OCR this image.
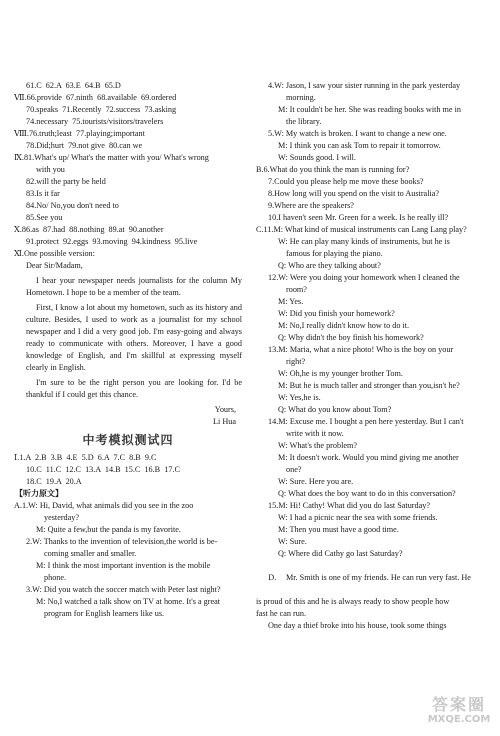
61.C  62.A  63.E  64.B  65.D
Ⅶ.66.provide  67.ninth  68.available  69.ordered
70.speaks  71.Recently  72.success  73.asking
74.necessary  75.tourists/visitors/travelers
Ⅷ.76.truth;least  77.playing;important
78.Did;hurt  79.not give  80.can we
Ⅸ.81.What's up/ What's the matter with you/ What's wrong
with you
82.will the party be held
83.Is it far
84.No/ No,you don't need to
85.See you
Ⅹ.86.as  87.had  88.nothing  89.at  90.another
91.protect  92.eggs  93.moving  94.kindness  95.live
Ⅺ.One possible version:
Dear Sir/Madam,
I hear your newspaper needs journalists for the column My Hometown. I hope to be a member of the team.
First, I know a lot about my hometown, such as its history and culture. Besides, I used to work as a journalist for my school newspaper and I did a very good job. I'm easy-going and always ready to communicate with others. Moreover, I have a good knowledge of English, and I'm skillful at expressing myself clearly in English.
I'm sure to be the right person you are looking for. I'd be thankful if I could get this chance.
Yours,
Li Hua
中考模拟测试四
Ⅰ.1.A  2.B  3.B  4.E  5.D  6.A  7.C  8.B  9.C
10.C  11.C  12.C  13.A  14.B  15.C  16.B  17.C
18.C  19.A  20.A
【听力原文】
A.1.W: Hi, David, what animals did you see in the zoo
yesterday?
M: Quite a few,but the panda is my favorite.
2.W: Thanks to the invention of television,the world is be-
coming smaller and smaller.
M: I think the most important invention is the mobile
phone.
3.W: Did you watch the soccer match with Peter last night?
M: No,I watched a talk show on TV at home. It's a great
program for English learners like us.
4.W: Jason, I saw your sister running in the park yesterday
morning.
M: It couldn't be her. She was reading books with me in
the library.
5.W: My watch is broken. I want to change a new one.
M: I think you can ask Tom to repair it tomorrow.
W: Sounds good. I will.
B.6.What do you think the man is running for?
7.Could you please help me move these books?
8.How long will you spend on the visit to Australia?
9.Where are the speakers?
10.I haven't seen Mr. Green for a week. Is he really ill?
C.11.M: What kind of musical instruments can Lang Lang play?
W: He can play many kinds of instruments, but he is
famous for playing the piano.
Q: Who are they talking about?
12.W: Were you doing your homework when I cleaned the
room?
M: Yes.
W: Did you finish your homework?
M: No,I really didn't know how to do it.
Q: Why didn't the boy finish his homework?
13.M: Maria, what a nice photo! Who is the boy on your
right?
W: Oh,he is my younger brother Tom.
M: But he is much taller and stronger than you,isn't he?
W: Yes,he is.
Q: What do you know about Tom?
14.M: Excuse me. I bought a pen here yesterday. But I can't
write with it now.
W: What's the problem?
M: It doesn't work. Would you mind giving me another
one?
W: Sure. Here you are.
Q: What does the boy want to do in this conversation?
15.M: Hi! Cathy! What did you do last Saturday?
W: I had a picnic near the sea with some friends.
M: Then you must have a good time.
W: Sure.
Q: Where did Cathy go last Saturday?

D. Mr. Smith is one of my friends. He can run very fast. He

is proud of this and he is always ready to show people how
fast he can run.
One day a thief broke into his house, took some things
答案圈
MXQE.COM
